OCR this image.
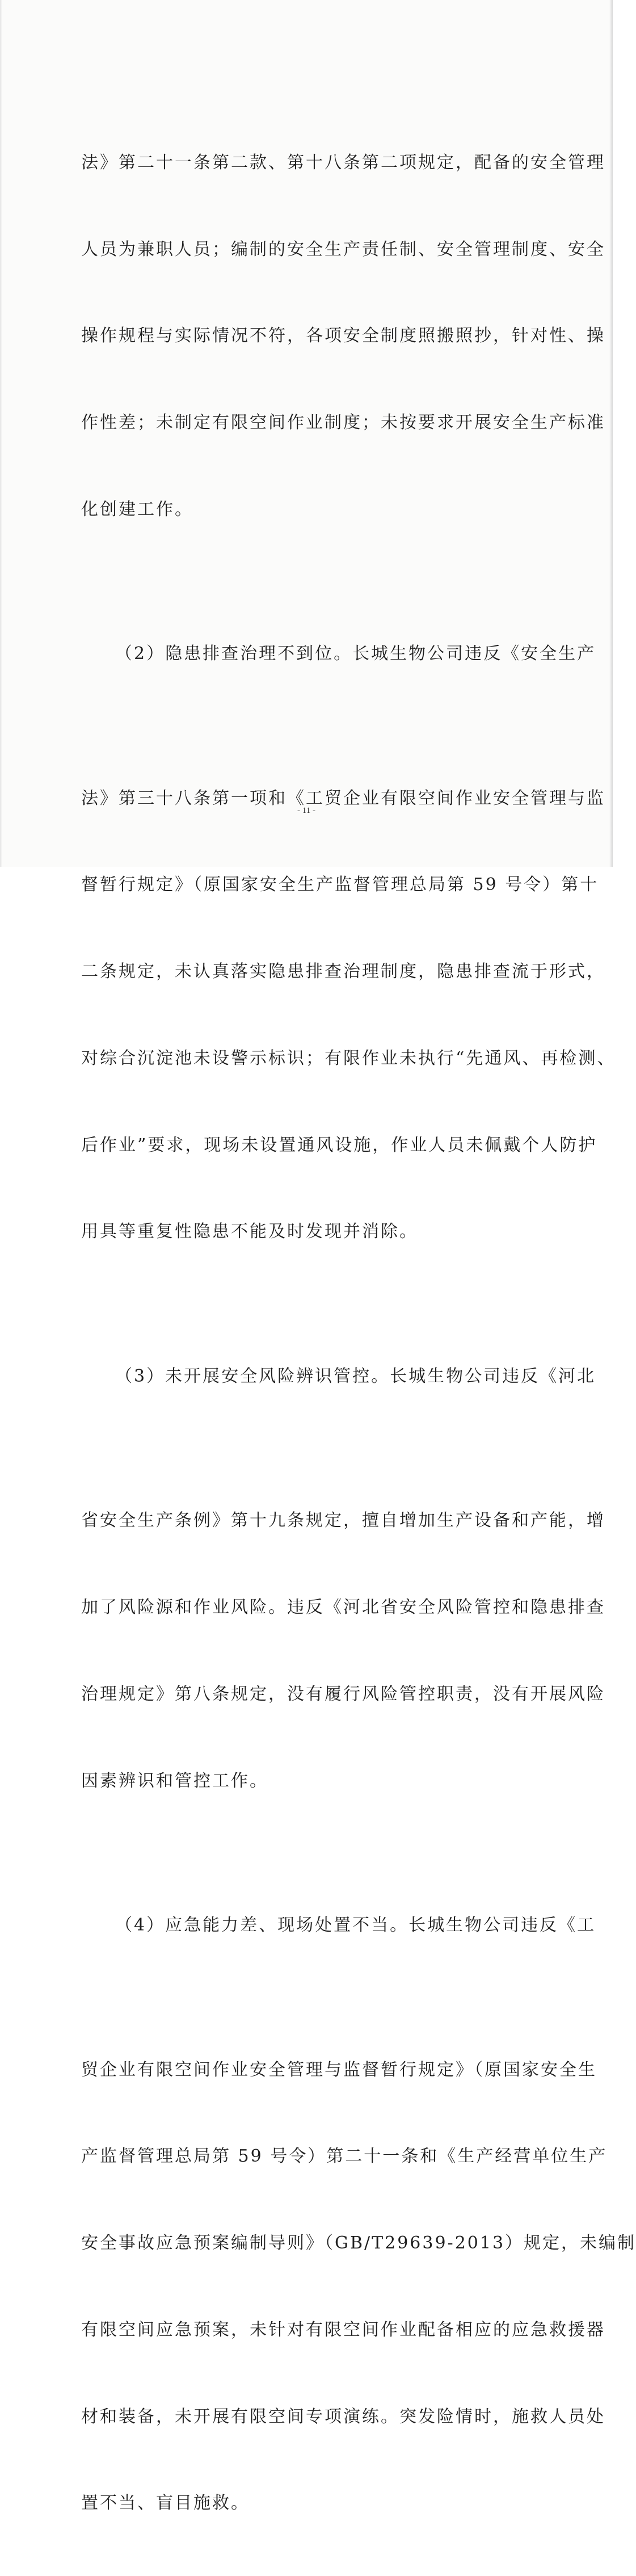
法》第二十一条第二款、第十八条第二项规定，配备的安全管理

人员为兼职人员；编制的安全生产责任制、安全管理制度、安全

操作规程与实际情况不符，各项安全制度照搬照抄，针对性、操

作性差；未制定有限空间作业制度；未按要求开展安全生产标准

化创建工作。

（2）隐患排查治理不到位。长城生物公司违反《安全生产

法》第三十八条第一项和《工贸企业有限空间作业安全管理与监

督暂行规定》（原国家安全生产监督管理总局第 59 号令）第十

二条规定，未认真落实隐患排查治理制度，隐患排查流于形式，

对综合沉淀池未设警示标识；有限作业未执行“先通风、再检测、

后作业”要求，现场未设置通风设施，作业人员未佩戴个人防护

用具等重复性隐患不能及时发现并消除。

（3）未开展安全风险辨识管控。长城生物公司违反《河北

省安全生产条例》第十九条规定，擅自增加生产设备和产能，增

加了风险源和作业风险。违反《河北省安全风险管控和隐患排查

治理规定》第八条规定，没有履行风险管控职责，没有开展风险

因素辨识和管控工作。

（4）应急能力差、现场处置不当。长城生物公司违反《工

贸企业有限空间作业安全管理与监督暂行规定》（原国家安全生

产监督管理总局第 59 号令）第二十一条和《生产经营单位生产

安全事故应急预案编制导则》（GB/T29639-2013）规定，未编制

有限空间应急预案，未针对有限空间作业配备相应的应急救援器

材和装备，未开展有限空间专项演练。突发险情时，施救人员处

置不当、盲目施救。

- 11 -
